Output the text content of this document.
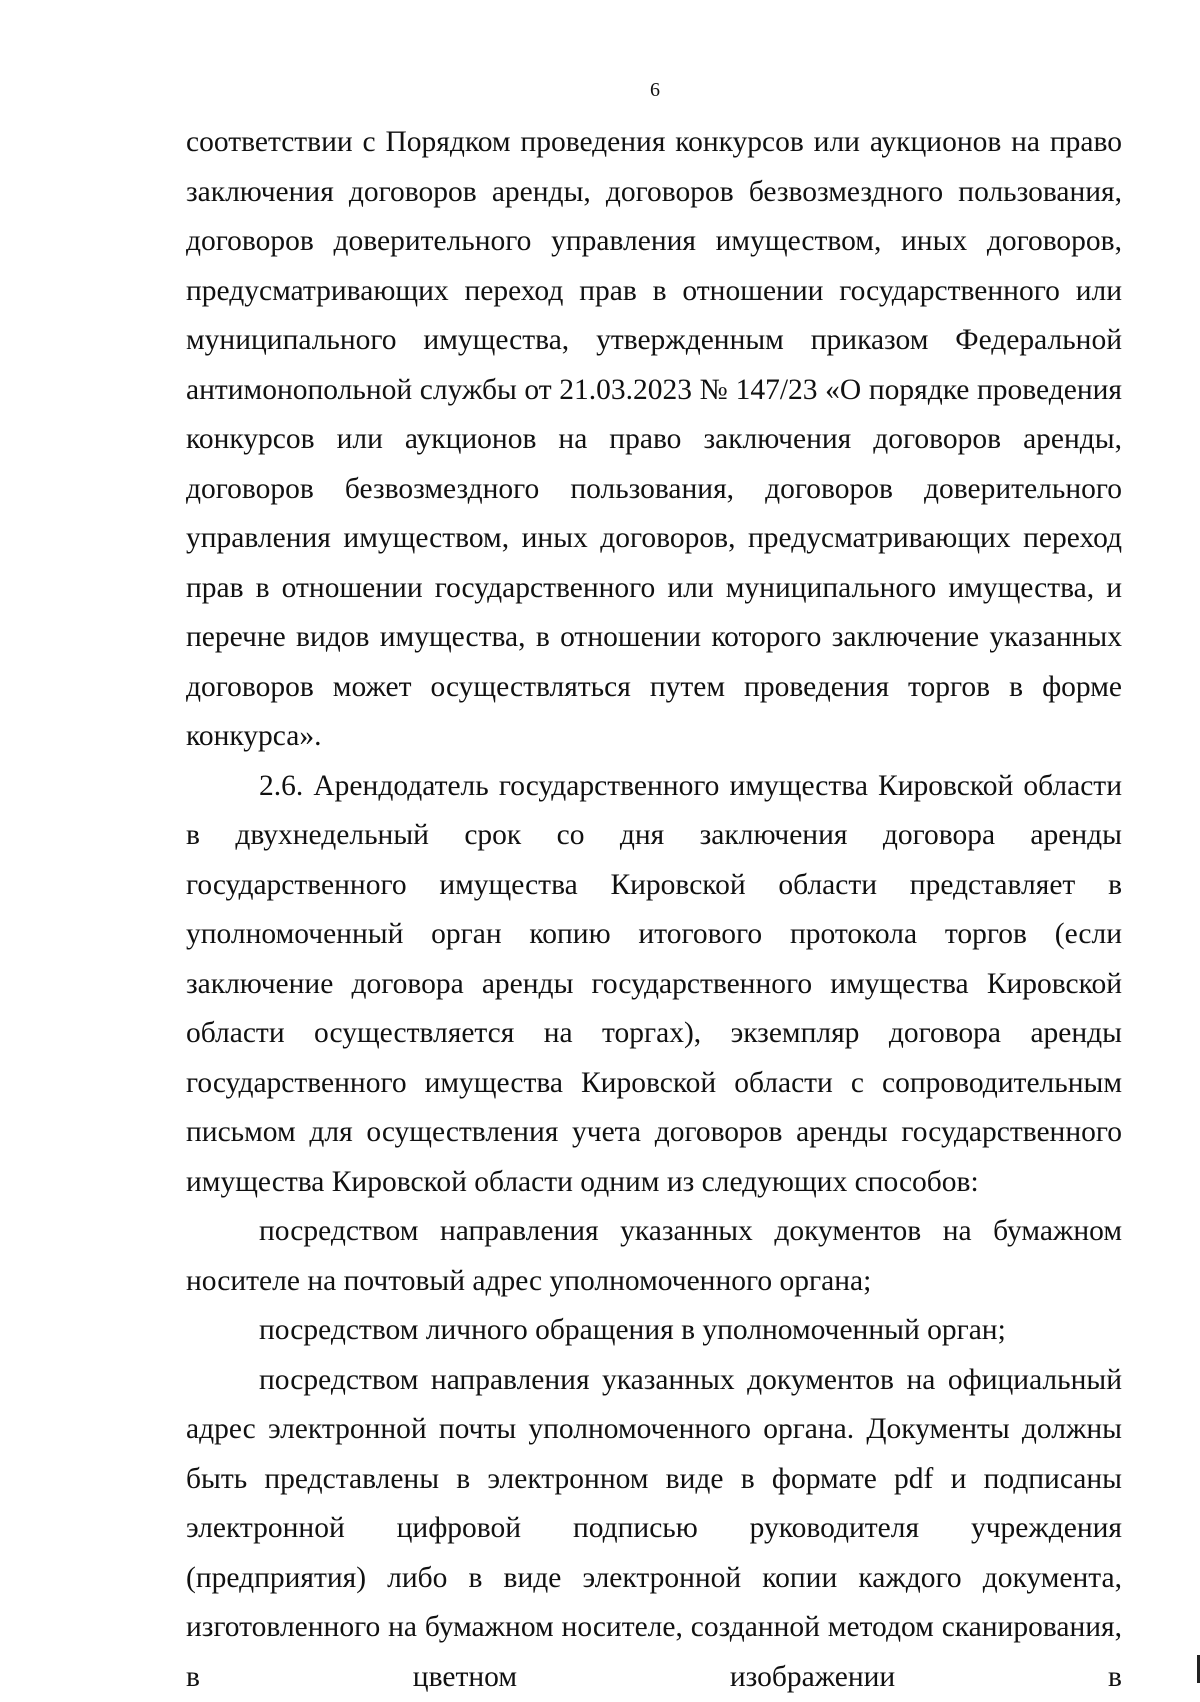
6

соответствии с Порядком проведения конкурсов или аукционов на право заключения договоров аренды, договоров безвозмездного пользования, договоров доверительного управления имуществом, иных договоров, предусматривающих переход прав в отношении государственного или муниципального имущества, утвержденным приказом Федеральной антимонопольной службы от 21.03.2023 № 147/23 «О порядке проведения конкурсов или аукционов на право заключения договоров аренды, договоров безвозмездного пользования, договоров доверительного управления имуществом, иных договоров, предусматривающих переход прав в отношении государственного или муниципального имущества, и перечне видов имущества, в отношении которого заключение указанных договоров может осуществляться путем проведения торгов в форме конкурса».

2.6. Арендодатель государственного имущества Кировской области в двухнедельный срок со дня заключения договора аренды государственного имущества Кировской области представляет в уполномоченный орган копию итогового протокола торгов (если заключение договора аренды государственного имущества Кировской области осуществляется на торгах), экземпляр договора аренды государственного имущества Кировской области с сопроводительным письмом для осуществления учета договоров аренды государственного имущества Кировской области одним из следующих способов:

посредством направления указанных документов на бумажном носителе на почтовый адрес уполномоченного органа;

посредством личного обращения в уполномоченный орган;

посредством направления указанных документов на официальный адрес электронной почты уполномоченного органа. Документы должны быть представлены в электронном виде в формате pdf и подписаны электронной цифровой подписью руководителя учреждения (предприятия) либо в виде электронной копии каждого документа, изготовленного на бумажном носителе, созданной методом сканирования, в цветном изображении в
